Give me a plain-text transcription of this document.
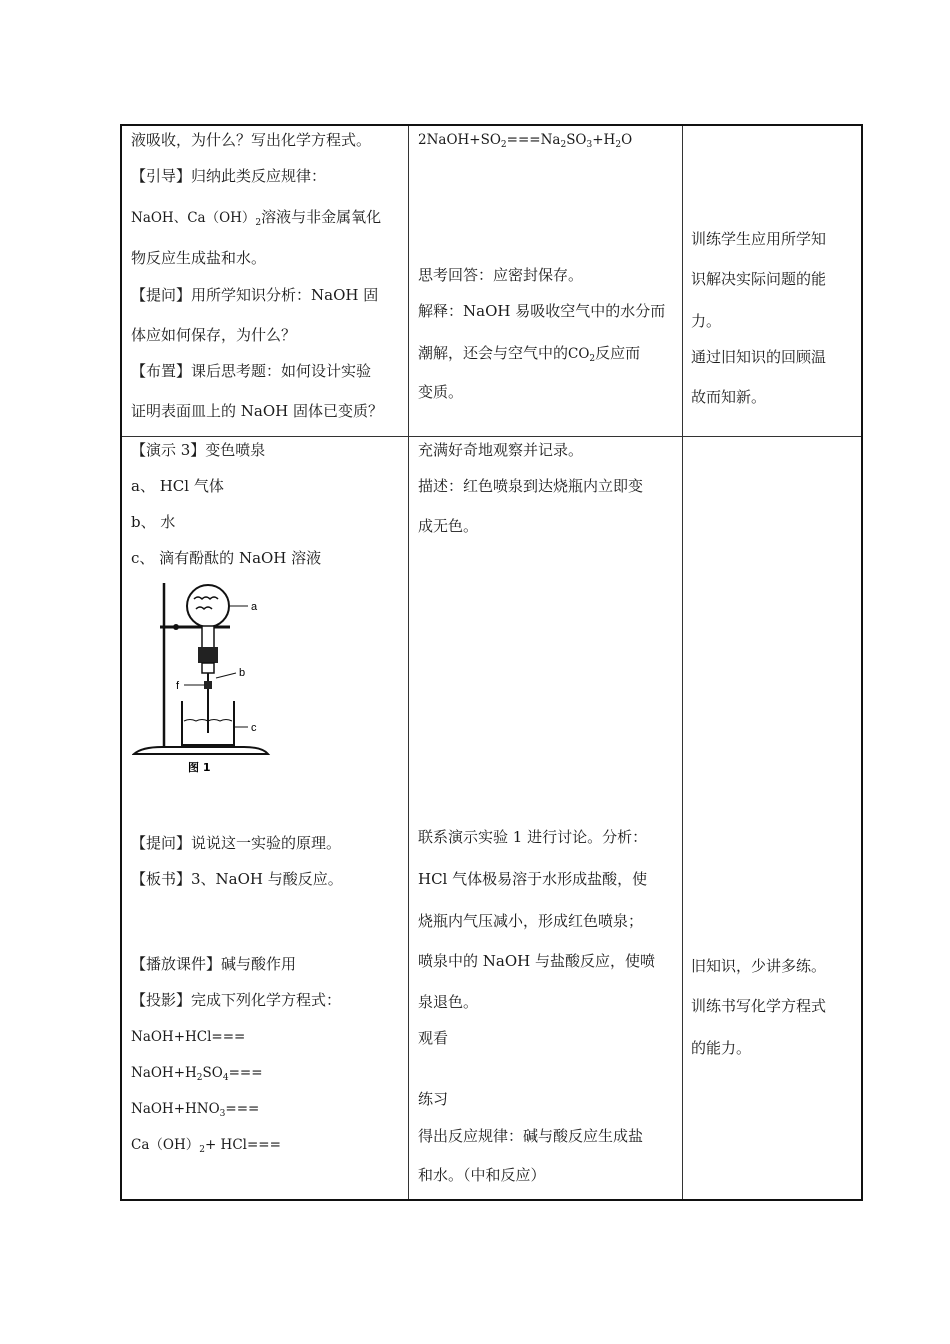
液吸收，为什么？写出化学方程式。
【引导】归纳此类反应规律：
NaOH、$Ca(OH)_2$溶液与非金属氧化
物反应生成盐和水。
【提问】用所学知识分析：NaOH 固
体应如何保存，为什么？
【布置】课后思考题：如何设计实验
证明表面皿上的 NaOH 固体已变质？
$2NaOH+SO_2===Na_2SO_3+H_2O$
思考回答：应密封保存。
解释：NaOH 易吸收空气中的水分而
潮解，还会与空气中的$CO_2$反应而
变质。
训练学生应用所学知
识解决实际问题的能
力。
通过旧知识的回顾温
故而知新。
【演示 3】变色喷泉
a、 HCl 气体
b、 水
c、 滴有酚酞的 NaOH 溶液
【提问】说说这一实验的原理。
【板书】3、NaOH 与酸反应。
【播放课件】碱与酸作用
【投影】完成下列化学方程式：
NaOH+HCl===
$NaOH+H_2SO_4===$
$NaOH+HNO_3===$
$Ca(OH)_2+ HCl===$
a
b
c
f
图 1
充满好奇地观察并记录。
描述：红色喷泉到达烧瓶内立即变
成无色。
联系演示实验 1 进行讨论。分析：
HCl 气体极易溶于水形成盐酸，使
烧瓶内气压减小，形成红色喷泉；
喷泉中的 NaOH 与盐酸反应，使喷
泉退色。
观看
练习
得出反应规律：碱与酸反应生成盐
和水。（中和反应）
旧知识，少讲多练。
训练书写化学方程式
的能力。
